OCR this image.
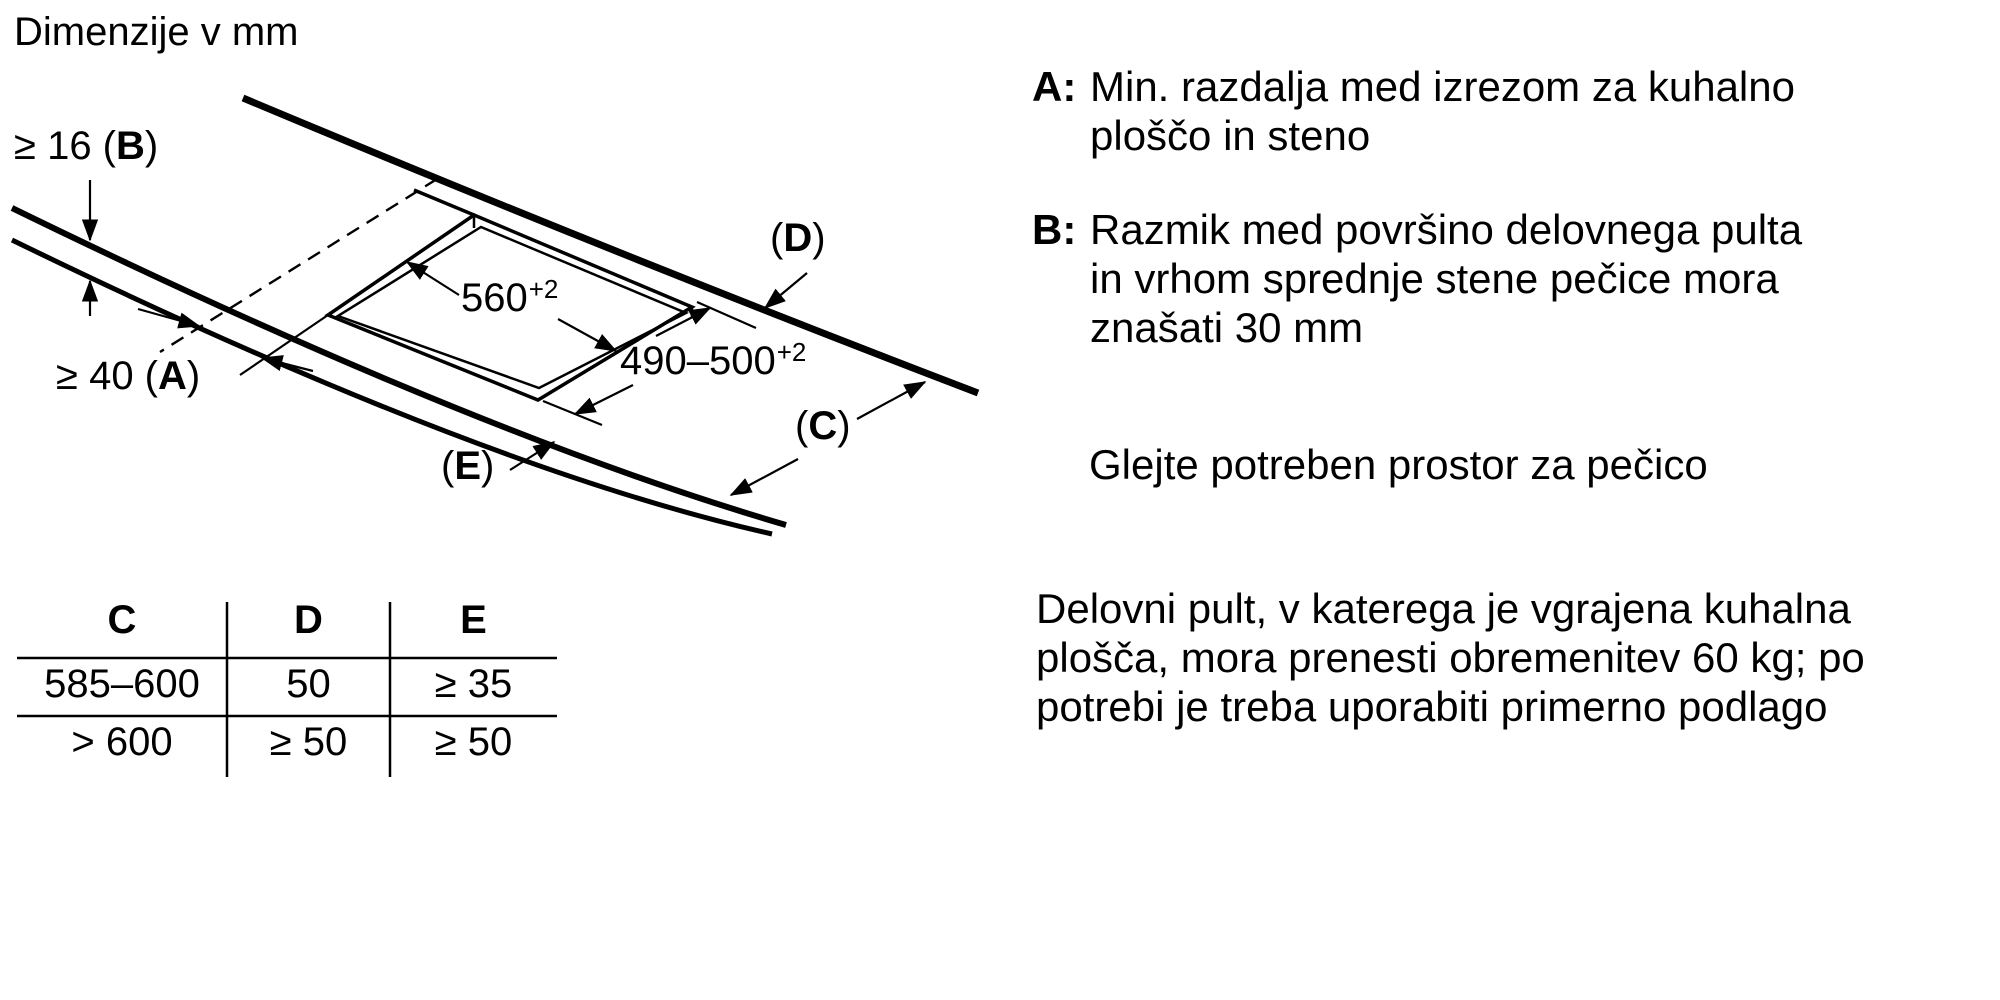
Dimenzije v mm
≥ 16 (B)
≥ 40 (A)
$560^{+2}$
$490-500^{+2}$
(D)
(C)
(E)
C	D	E
585–600	50	≥ 35
> 600	≥ 50	≥ 50
A: Min. razdalja med izrezom za kuhalno
ploščo in steno
B: Razmik med površino delovnega pulta
in vrhom sprednje stene pečice mora
znašati 30 mm
Glejte potreben prostor za pečico
Delovni pult, v katerega je vgrajena kuhalna
plošča, mora prenesti obremenitev 60 kg; po
potrebi je treba uporabiti primerno podlago
